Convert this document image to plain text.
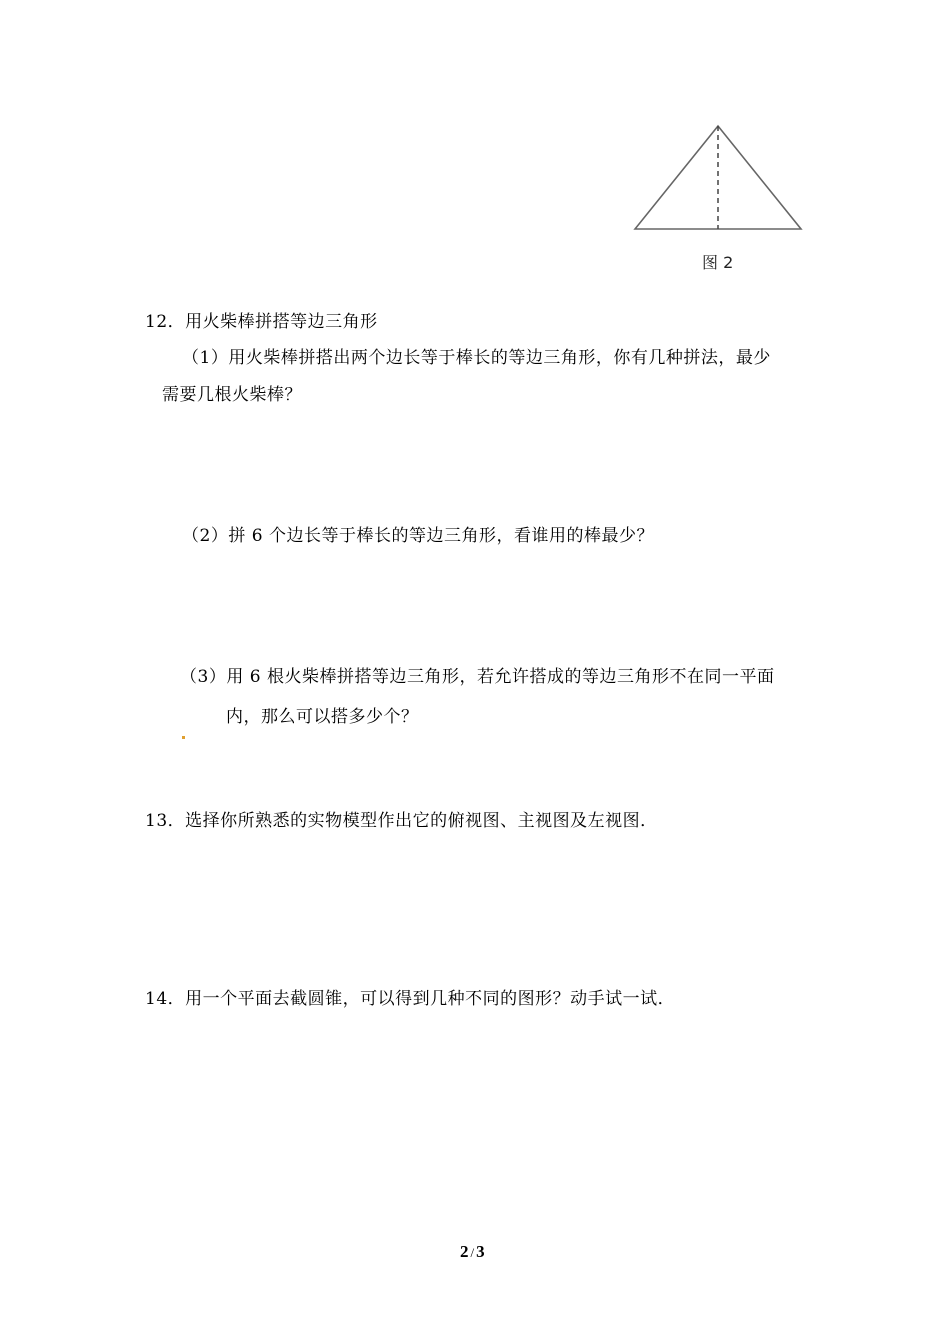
图 2
12．用火柴棒拼搭等边三角形
（1）用火柴棒拼搭出两个边长等于棒长的等边三角形，你有几种拼法，最少
需要几根火柴棒？
（2）拼 6 个边长等于棒长的等边三角形，看谁用的棒最少？
（3）用 6 根火柴棒拼搭等边三角形，若允许搭成的等边三角形不在同一平面
内，那么可以搭多少个？
13．选择你所熟悉的实物模型作出它的俯视图、主视图及左视图．
14．用一个平面去截圆锥，可以得到几种不同的图形？动手试一试．
2 / 3
